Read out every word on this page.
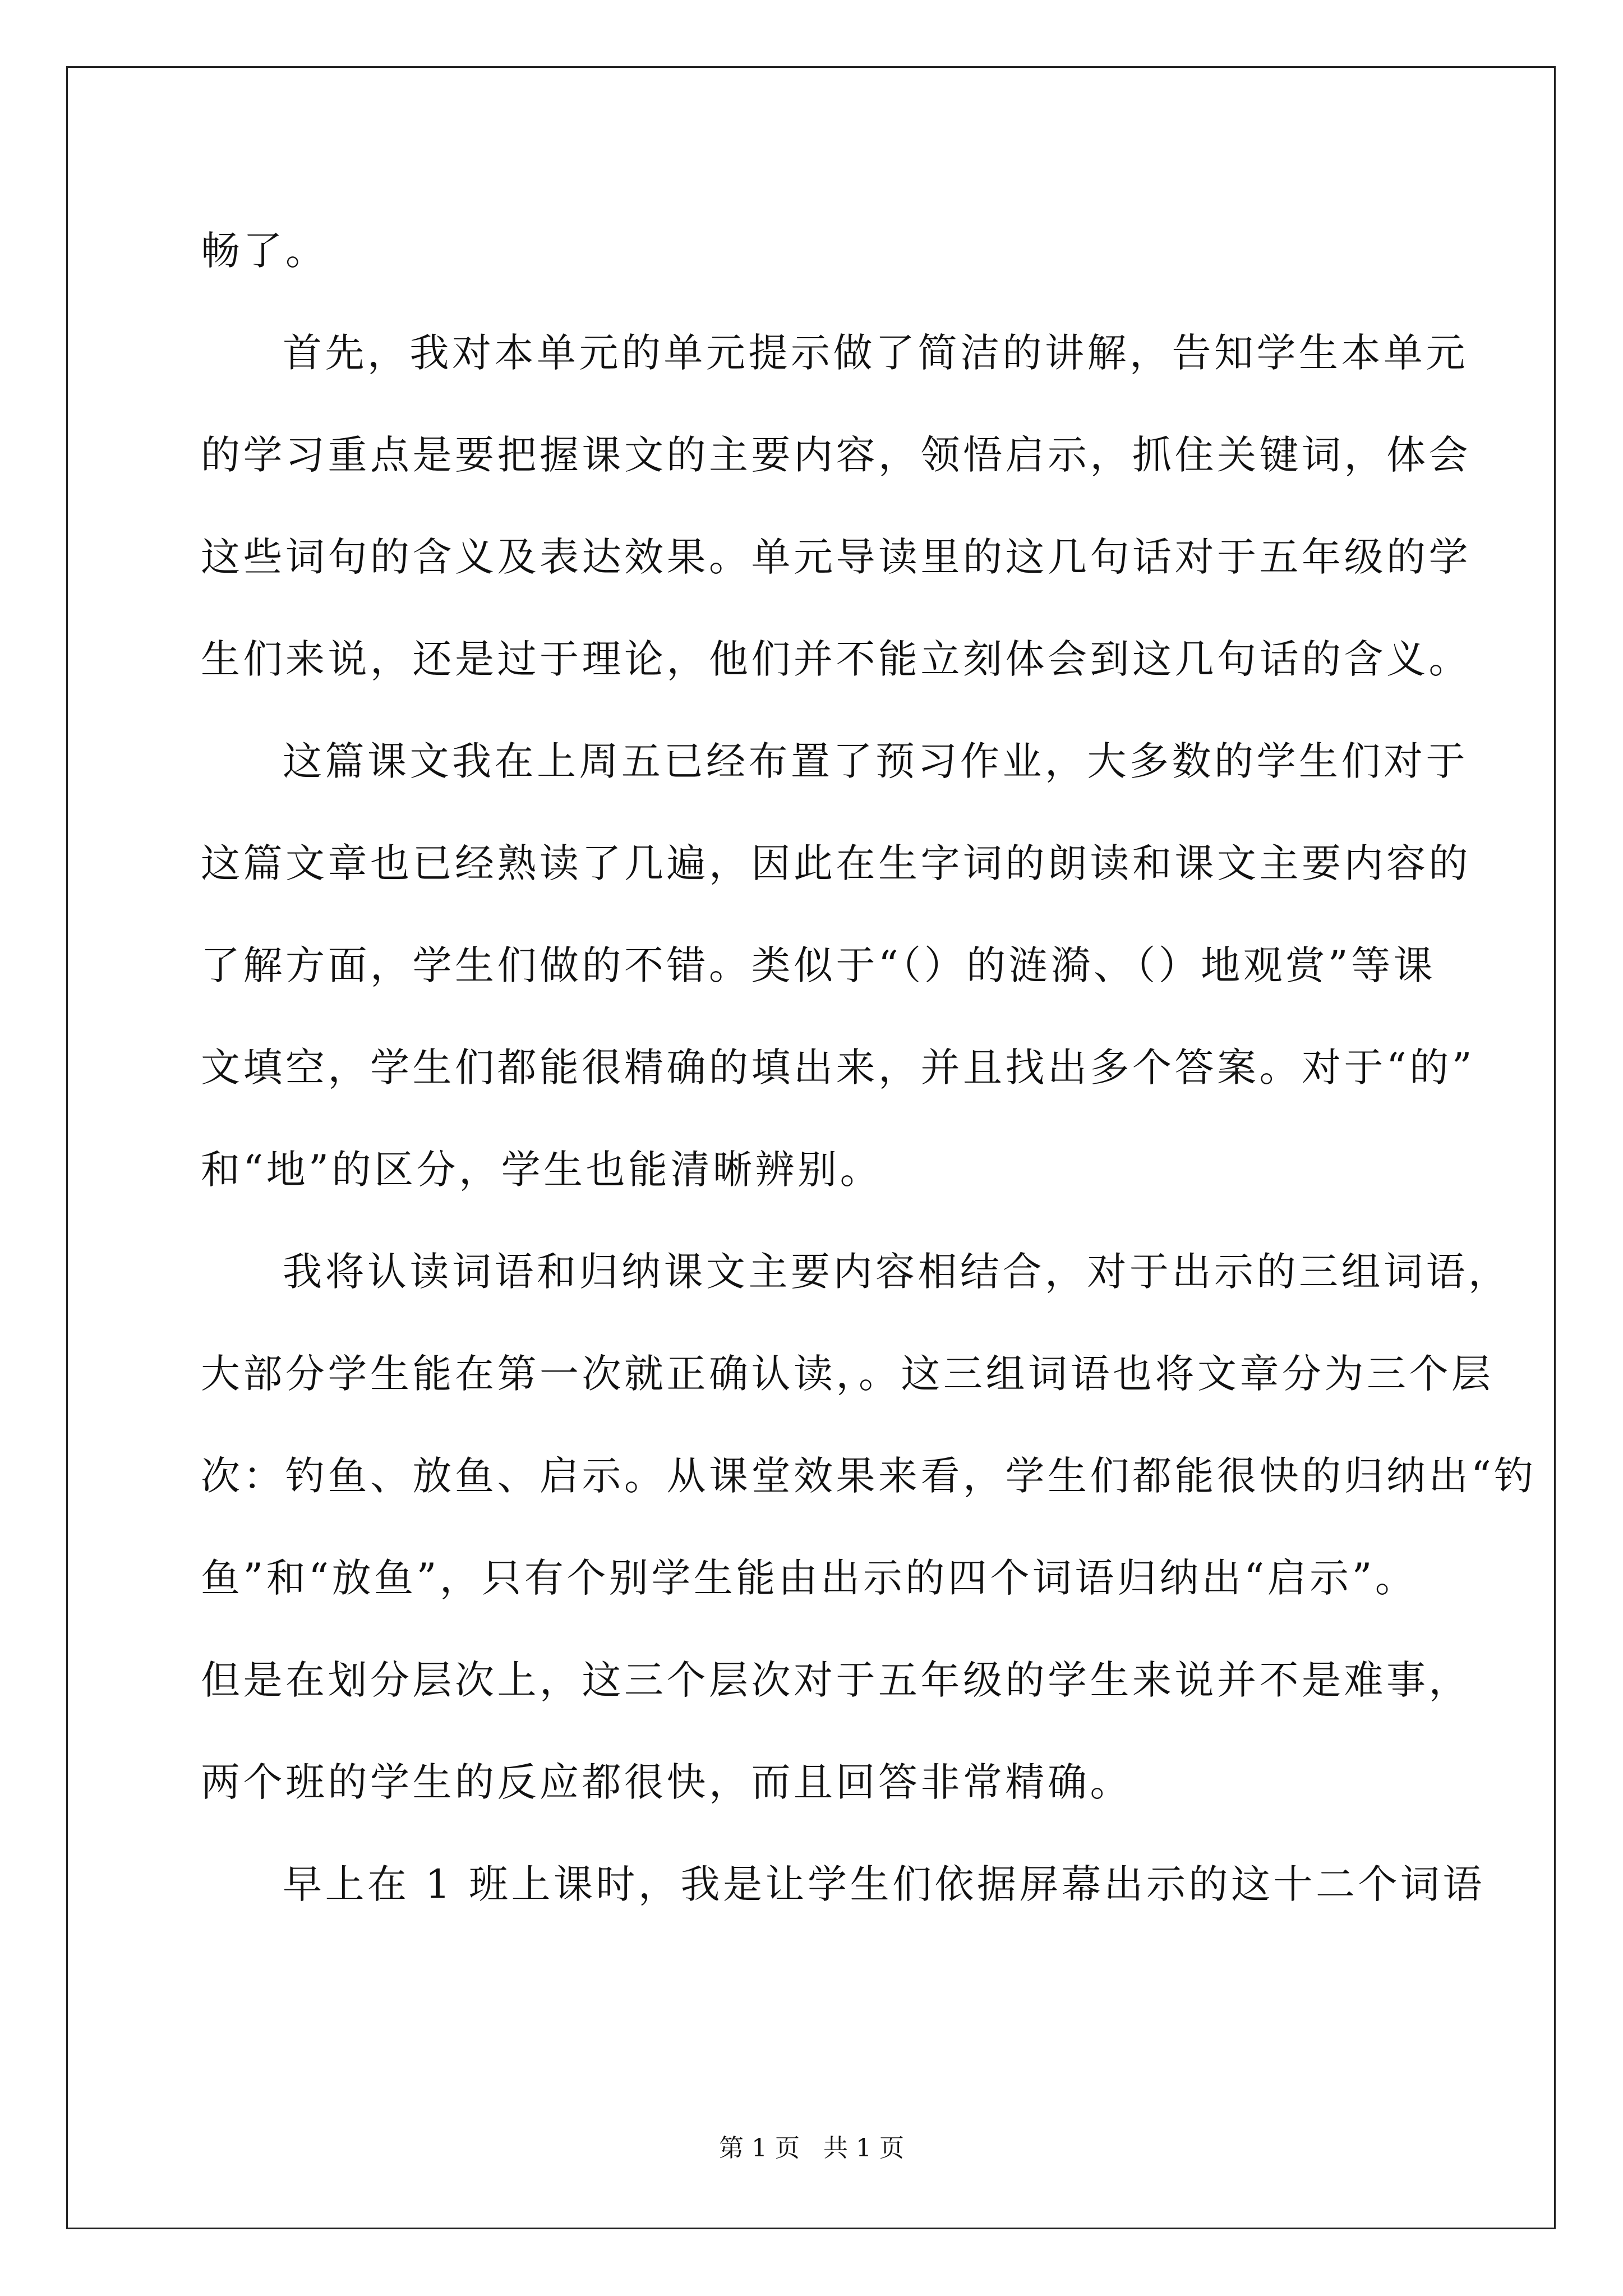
畅了。
首先，我对本单元的单元提示做了简洁的讲解，告知学生本单元
的学习重点是要把握课文的主要内容，领悟启示，抓住关键词，体会
这些词句的含义及表达效果。单元导读里的这几句话对于五年级的学
生们来说，还是过于理论，他们并不能立刻体会到这几句话的含义。
这篇课文我在上周五已经布置了预习作业，大多数的学生们对于
这篇文章也已经熟读了几遍，因此在生字词的朗读和课文主要内容的
了解方面，学生们做的不错。类似于“（）的涟漪、（）地观赏”等课
文填空，学生们都能很精确的填出来，并且找出多个答案。对于“的”
和“地”的区分，学生也能清晰辨别。
我将认读词语和归纳课文主要内容相结合，对于出示的三组词语，
大部分学生能在第一次就正确认读，。这三组词语也将文章分为三个层
次：钓鱼、放鱼、启示。从课堂效果来看，学生们都能很快的归纳出“钓
鱼”和“放鱼”，只有个别学生能由出示的四个词语归纳出“启示”。
但是在划分层次上，这三个层次对于五年级的学生来说并不是难事，
两个班的学生的反应都很快，而且回答非常精确。
早上在 1 班上课时，我是让学生们依据屏幕出示的这十二个词语
第 1 页   共 1 页
